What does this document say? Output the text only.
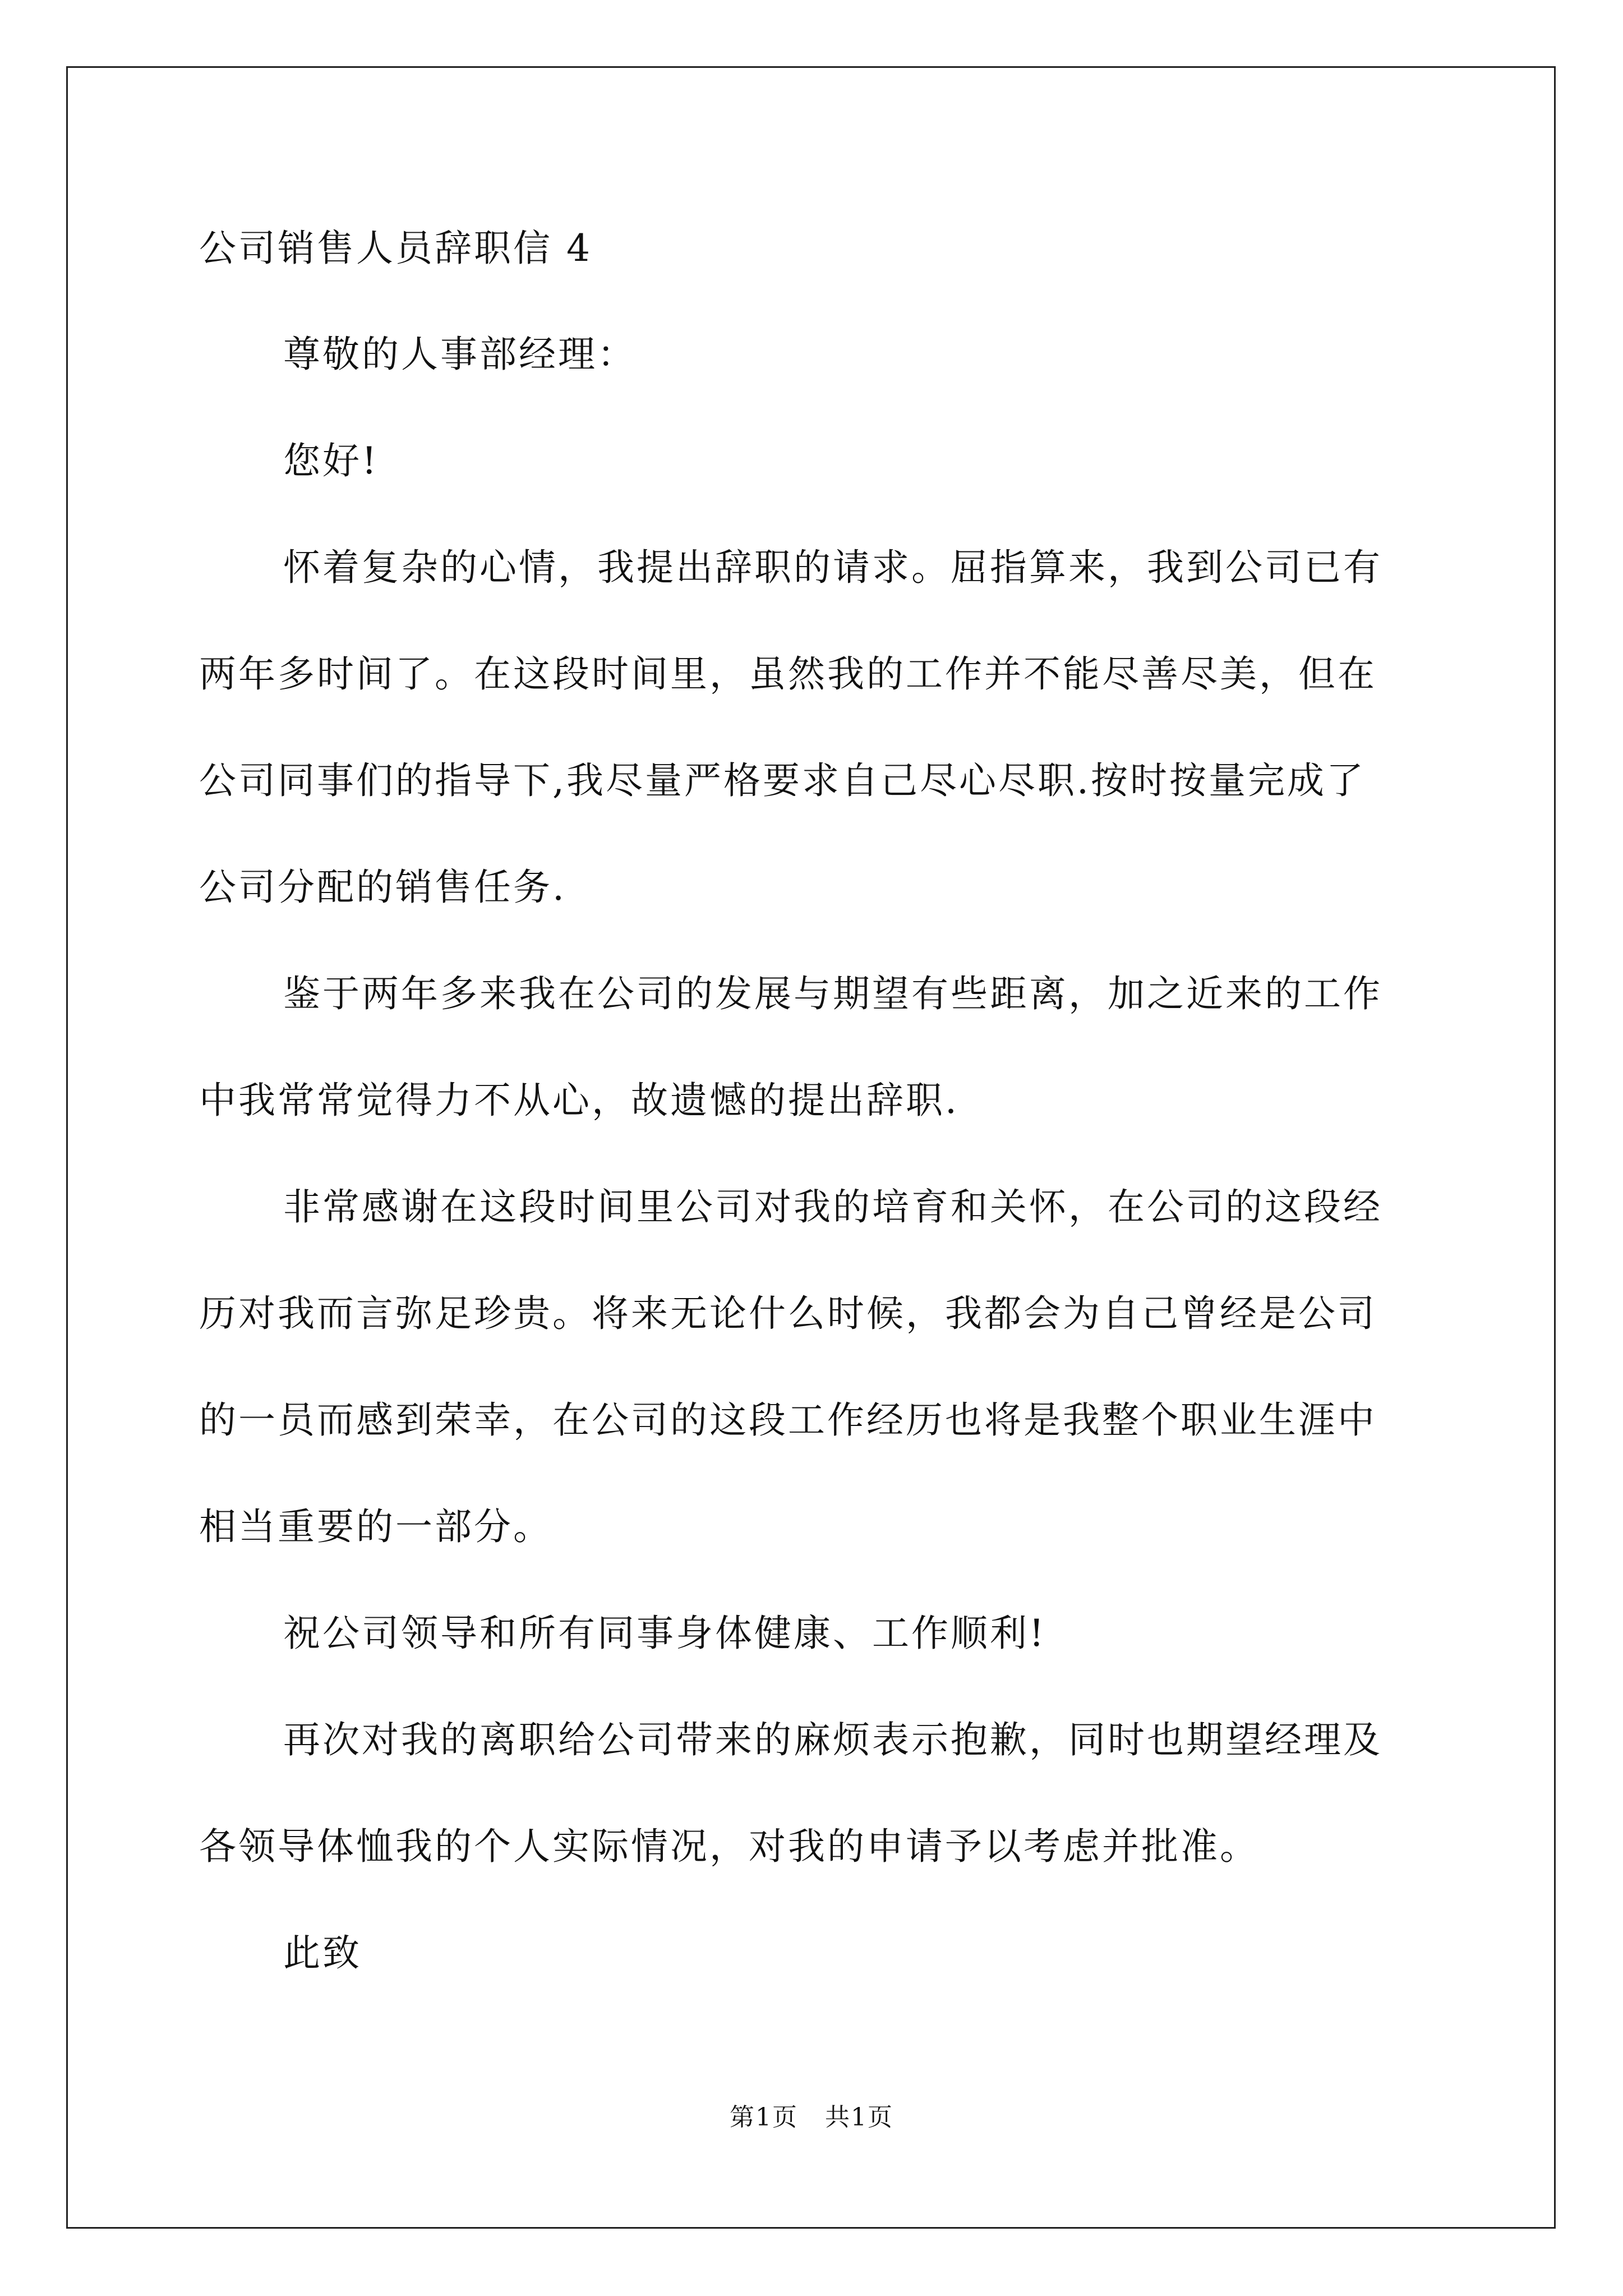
公司销售人员辞职信 4
尊敬的人事部经理：
您好!
怀着复杂的心情，我提出辞职的请求。屈指算来，我到公司已有
两年多时间了。在这段时间里，虽然我的工作并不能尽善尽美，但在
公司同事们的指导下,我尽量严格要求自己尽心尽职.按时按量完成了
公司分配的销售任务.
鉴于两年多来我在公司的发展与期望有些距离，加之近来的工作
中我常常觉得力不从心，故遗憾的提出辞职.
非常感谢在这段时间里公司对我的培育和关怀，在公司的这段经
历对我而言弥足珍贵。将来无论什么时候，我都会为自己曾经是公司
的一员而感到荣幸，在公司的这段工作经历也将是我整个职业生涯中
相当重要的一部分。
祝公司领导和所有同事身体健康、工作顺利!
再次对我的离职给公司带来的麻烦表示抱歉，同时也期望经理及
各领导体恤我的个人实际情况，对我的申请予以考虑并批准。
此致
第1页   共1页
